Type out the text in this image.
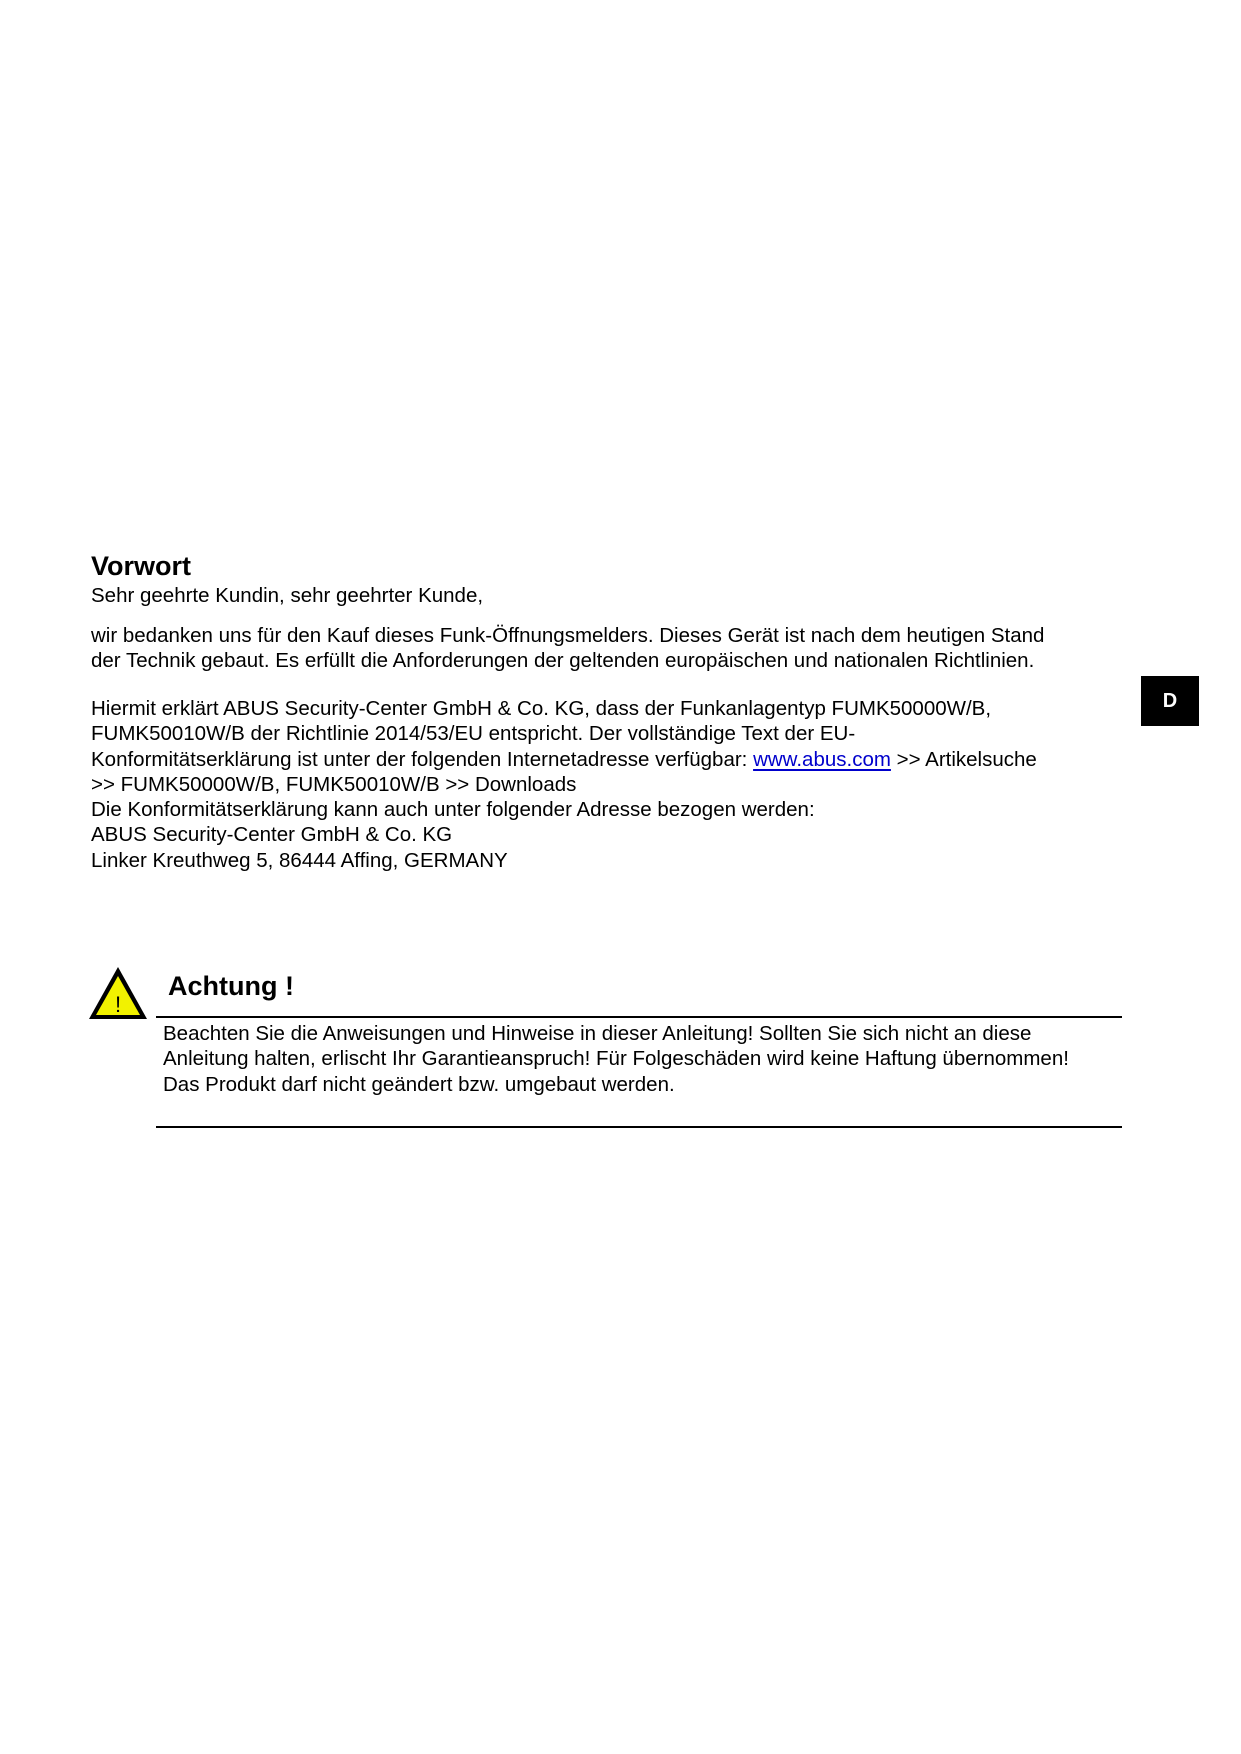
Vorwort

Sehr geehrte Kundin, sehr geehrter Kunde,

wir bedanken uns für den Kauf dieses Funk-Öffnungsmelders. Dieses Gerät ist nach dem heutigen Stand
der Technik gebaut. Es erfüllt die Anforderungen der geltenden europäischen und nationalen Richtlinien.

Hiermit erklärt ABUS Security-Center GmbH & Co. KG, dass der Funkanlagentyp FUMK50000W/B,
FUMK50010W/B der Richtlinie 2014/53/EU entspricht. Der vollständige Text der EU-
Konformitätserklärung ist unter der folgenden Internetadresse verfügbar: www.abus.com >> Artikelsuche
>> FUMK50000W/B, FUMK50010W/B >> Downloads
Die Konformitätserklärung kann auch unter folgender Adresse bezogen werden:
ABUS Security-Center GmbH & Co. KG
Linker Kreuthweg 5, 86444 Affing, GERMANY

D
!
Achtung !

Beachten Sie die Anweisungen und Hinweise in dieser Anleitung! Sollten Sie sich nicht an diese
Anleitung halten, erlischt Ihr Garantieanspruch! Für Folgeschäden wird keine Haftung übernommen!
Das Produkt darf nicht geändert bzw. umgebaut werden.
